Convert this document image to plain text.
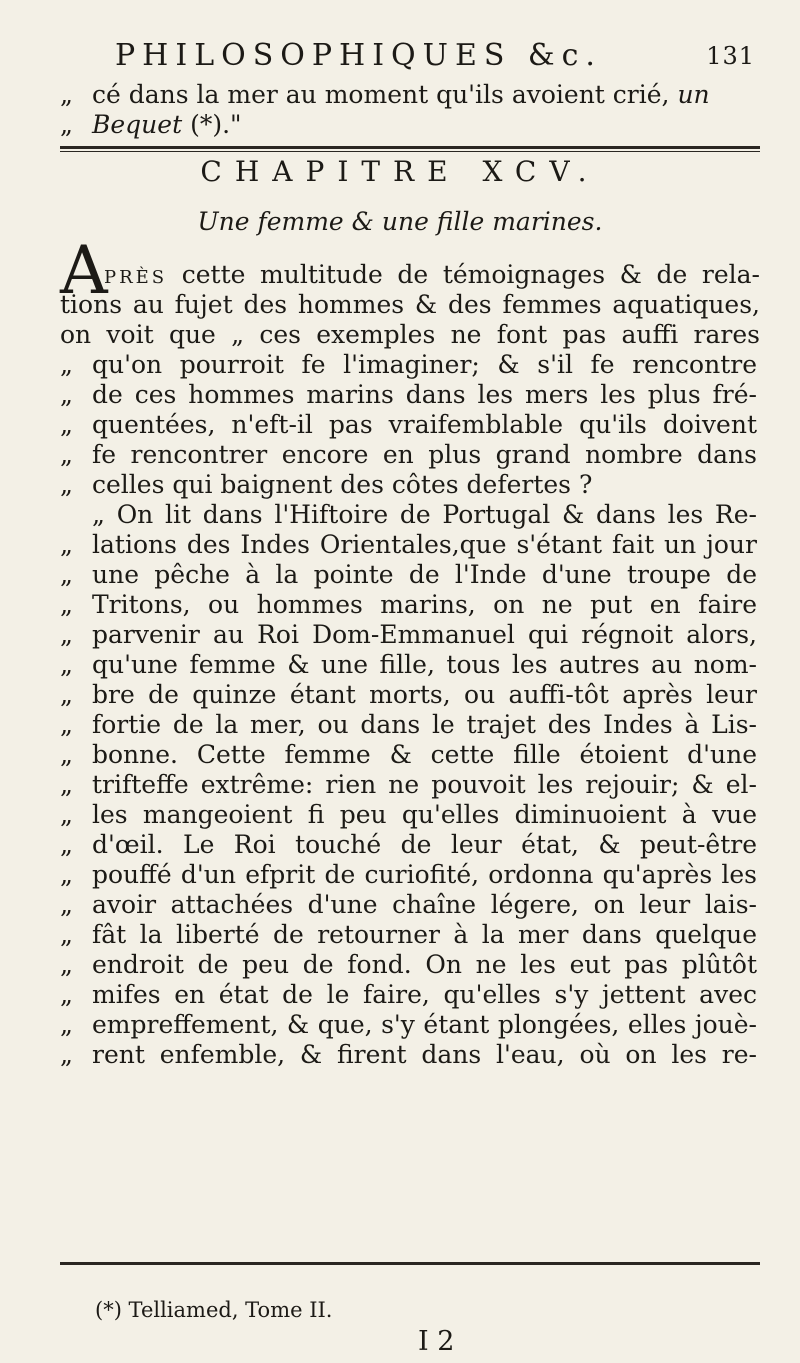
PHILOSOPHIQUES &c.	131
„ cé dans la mer au moment qu'ils avoient crié, un
„ Bequet (*)."
CHAPITRE XCV.
Une femme & une fille marines.
A
près cette multitude de témoignages & de rela-
tions au fujet des hommes & des femmes aquatiques,
on voit que „ ces exemples ne font pas auffi rares
„ qu'on pourroit fe l'imaginer; & s'il fe rencontre
„ de ces hommes marins dans les mers les plus fré-
„ quentées, n'eft-il pas vraifemblable qu'ils doivent
„ fe rencontrer encore en plus grand nombre dans
„ celles qui baignent des côtes defertes ?
„ On lit dans l'Hiftoire de Portugal & dans les Re-
„ lations des Indes Orientales,que s'étant fait un jour
„ une pêche à la pointe de l'Inde d'une troupe de
„ Tritons, ou hommes marins, on ne put en faire
„ parvenir au Roi Dom-Emmanuel qui régnoit alors,
„ qu'une femme & une fille, tous les autres au nom-
„ bre de quinze étant morts, ou auffi-tôt après leur
„ fortie de la mer, ou dans le trajet des Indes à Lis-
„ bonne. Cette femme & cette fille étoient d'une
„ trifteffe extrême: rien ne pouvoit les rejouir; & el-
„ les mangeoient fi peu qu'elles diminuoient à vue
„ d'œil. Le Roi touché de leur état, & peut-être
„ pouffé d'un efprit de curiofité, ordonna qu'après les
„ avoir attachées d'une chaîne légere, on leur lais-
„ fât la liberté de retourner à la mer dans quelque
„ endroit de peu de fond. On ne les eut pas plûtôt
„ mifes en état de le faire, qu'elles s'y jettent avec
„ empreffement, & que, s'y étant plongées, elles jouè-
„ rent enfemble, & firent dans l'eau, où on les re-
(*) Telliamed, Tome II.
I 2
